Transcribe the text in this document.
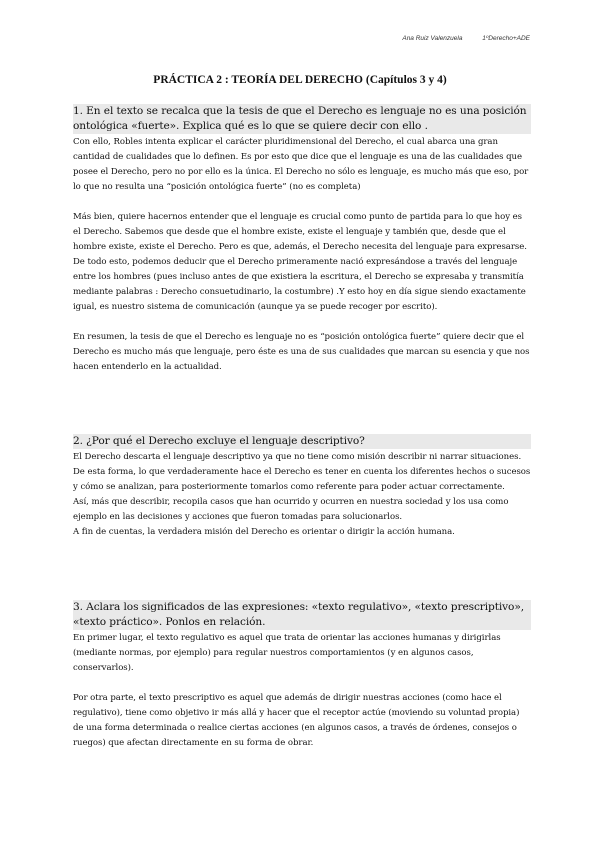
Ana Ruiz Valenzuela	1ºDerecho+ADE
PRÁCTICA 2 : TEORÍA DEL DERECHO (Capítulos 3 y 4)

1. En el texto se recalca que la tesis de que el Derecho es lenguaje no es una posición ontológica «fuerte». Explica qué es lo que se quiere decir con ello .

Con ello, Robles intenta explicar el carácter pluridimensional del Derecho, el cual abarca una gran cantidad de cualidades que lo definen. Es por esto que dice que el lenguaje es una de las cualidades que posee el Derecho, pero no por ello es la única. El Derecho no sólo es lenguaje, es mucho más que eso, por lo que no resulta una “posición ontológica fuerte” (no es completa)

Más bien, quiere hacernos entender que el lenguaje es crucial como punto de partida para lo que hoy es el Derecho. Sabemos que desde que el hombre existe, existe el lenguaje y también que, desde que el hombre existe, existe el Derecho. Pero es que, además, el Derecho necesita del lenguaje para expresarse. De todo esto, podemos deducir que el Derecho primeramente nació expresándose a través del lenguaje entre los hombres (pues incluso antes de que existiera la escritura, el Derecho se expresaba y transmitía mediante palabras : Derecho consuetudinario, la costumbre) .Y esto hoy en día sigue siendo exactamente igual, es nuestro sistema de comunicación (aunque ya se puede recoger por escrito).

En resumen, la tesis de que el Derecho es lenguaje no es “posición ontológica fuerte” quiere decir que el Derecho es mucho más que lenguaje, pero éste es una de sus cualidades que marcan su esencia y que nos hacen entenderlo en la actualidad.

2. ¿Por qué el Derecho excluye el lenguaje descriptivo?

El Derecho descarta el lenguaje descriptivo ya que no tiene como misión describir ni narrar situaciones. De esta forma, lo que verdaderamente hace el Derecho es tener en cuenta los diferentes hechos o sucesos y cómo se analizan, para posteriormente tomarlos como referente para poder actuar correctamente.

Así, más que describir, recopila casos que han ocurrido y ocurren en nuestra sociedad y los usa como ejemplo en las decisiones y acciones que fueron tomadas para solucionarlos.

A fin de cuentas, la verdadera misión del Derecho es orientar o dirigir la acción humana.

3. Aclara los significados de las expresiones: «texto regulativo», «texto prescriptivo», «texto práctico». Ponlos en relación.

En primer lugar, el texto regulativo es aquel que trata de orientar las acciones humanas y dirigirlas (mediante normas, por ejemplo) para regular nuestros comportamientos (y en algunos casos, conservarlos).

Por otra parte, el texto prescriptivo es aquel que además de dirigir nuestras acciones (como hace el regulativo), tiene como objetivo ir más allá y hacer que el receptor actúe (moviendo su voluntad propia) de una forma determinada o realice ciertas acciones (en algunos casos, a través de órdenes, consejos o ruegos) que afectan directamente en su forma de obrar.
